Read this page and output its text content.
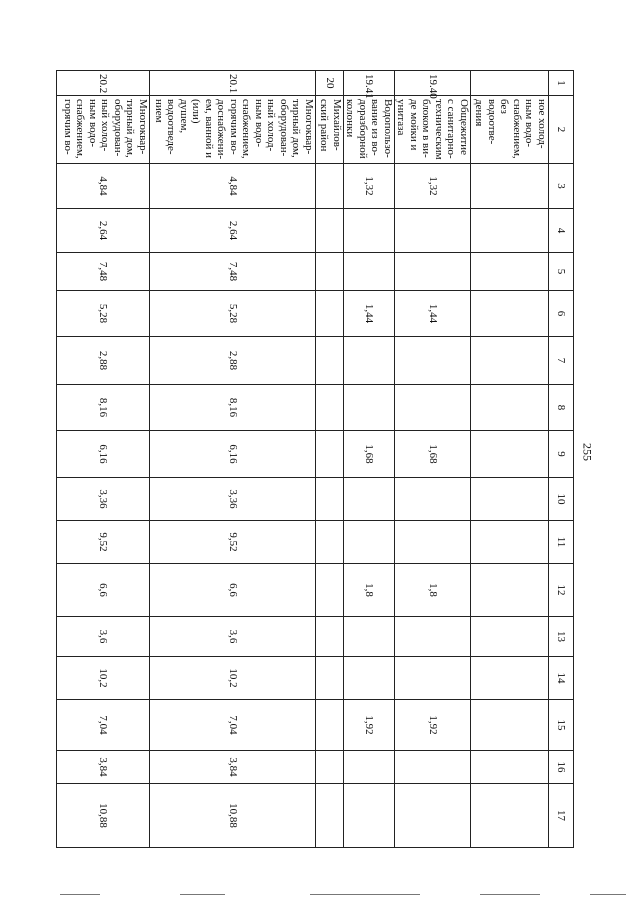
255
1	2	3	4	5	6	7	8	9	10	11	12	13	14	15	16	17
	ное холод- ным водо- снабжением, без водоотве- дения															
19.40	Общежитие с санитарно- техническим блоком в ви- де мойки и унитаза	1,32			1,44			1,68			1,8			1,92		
19.41	Водопользо- вание из во- доразборной колонки	1,32			1,44			1,68			1,8			1,92		
20	Михайлов- ский район															
20.1	Многоквар- тирный дом, оборудован- ный холод- ным водо- снабжением, горячим во- доснабжени- ем, ванной и (или) душем, водоотведе- нием	4,84	2,64	7,48	5,28	2,88	8,16	6,16	3,36	9,52	6,6	3,6	10,2	7,04	3,84	10,88
20.2	Многоквар- тирный дом, оборудован- ный холод- ным водо- снабжением, горячим во-	4,84	2,64	7,48	5,28	2,88	8,16	6,16	3,36	9,52	6,6	3,6	10,2	7,04	3,84	10,88
